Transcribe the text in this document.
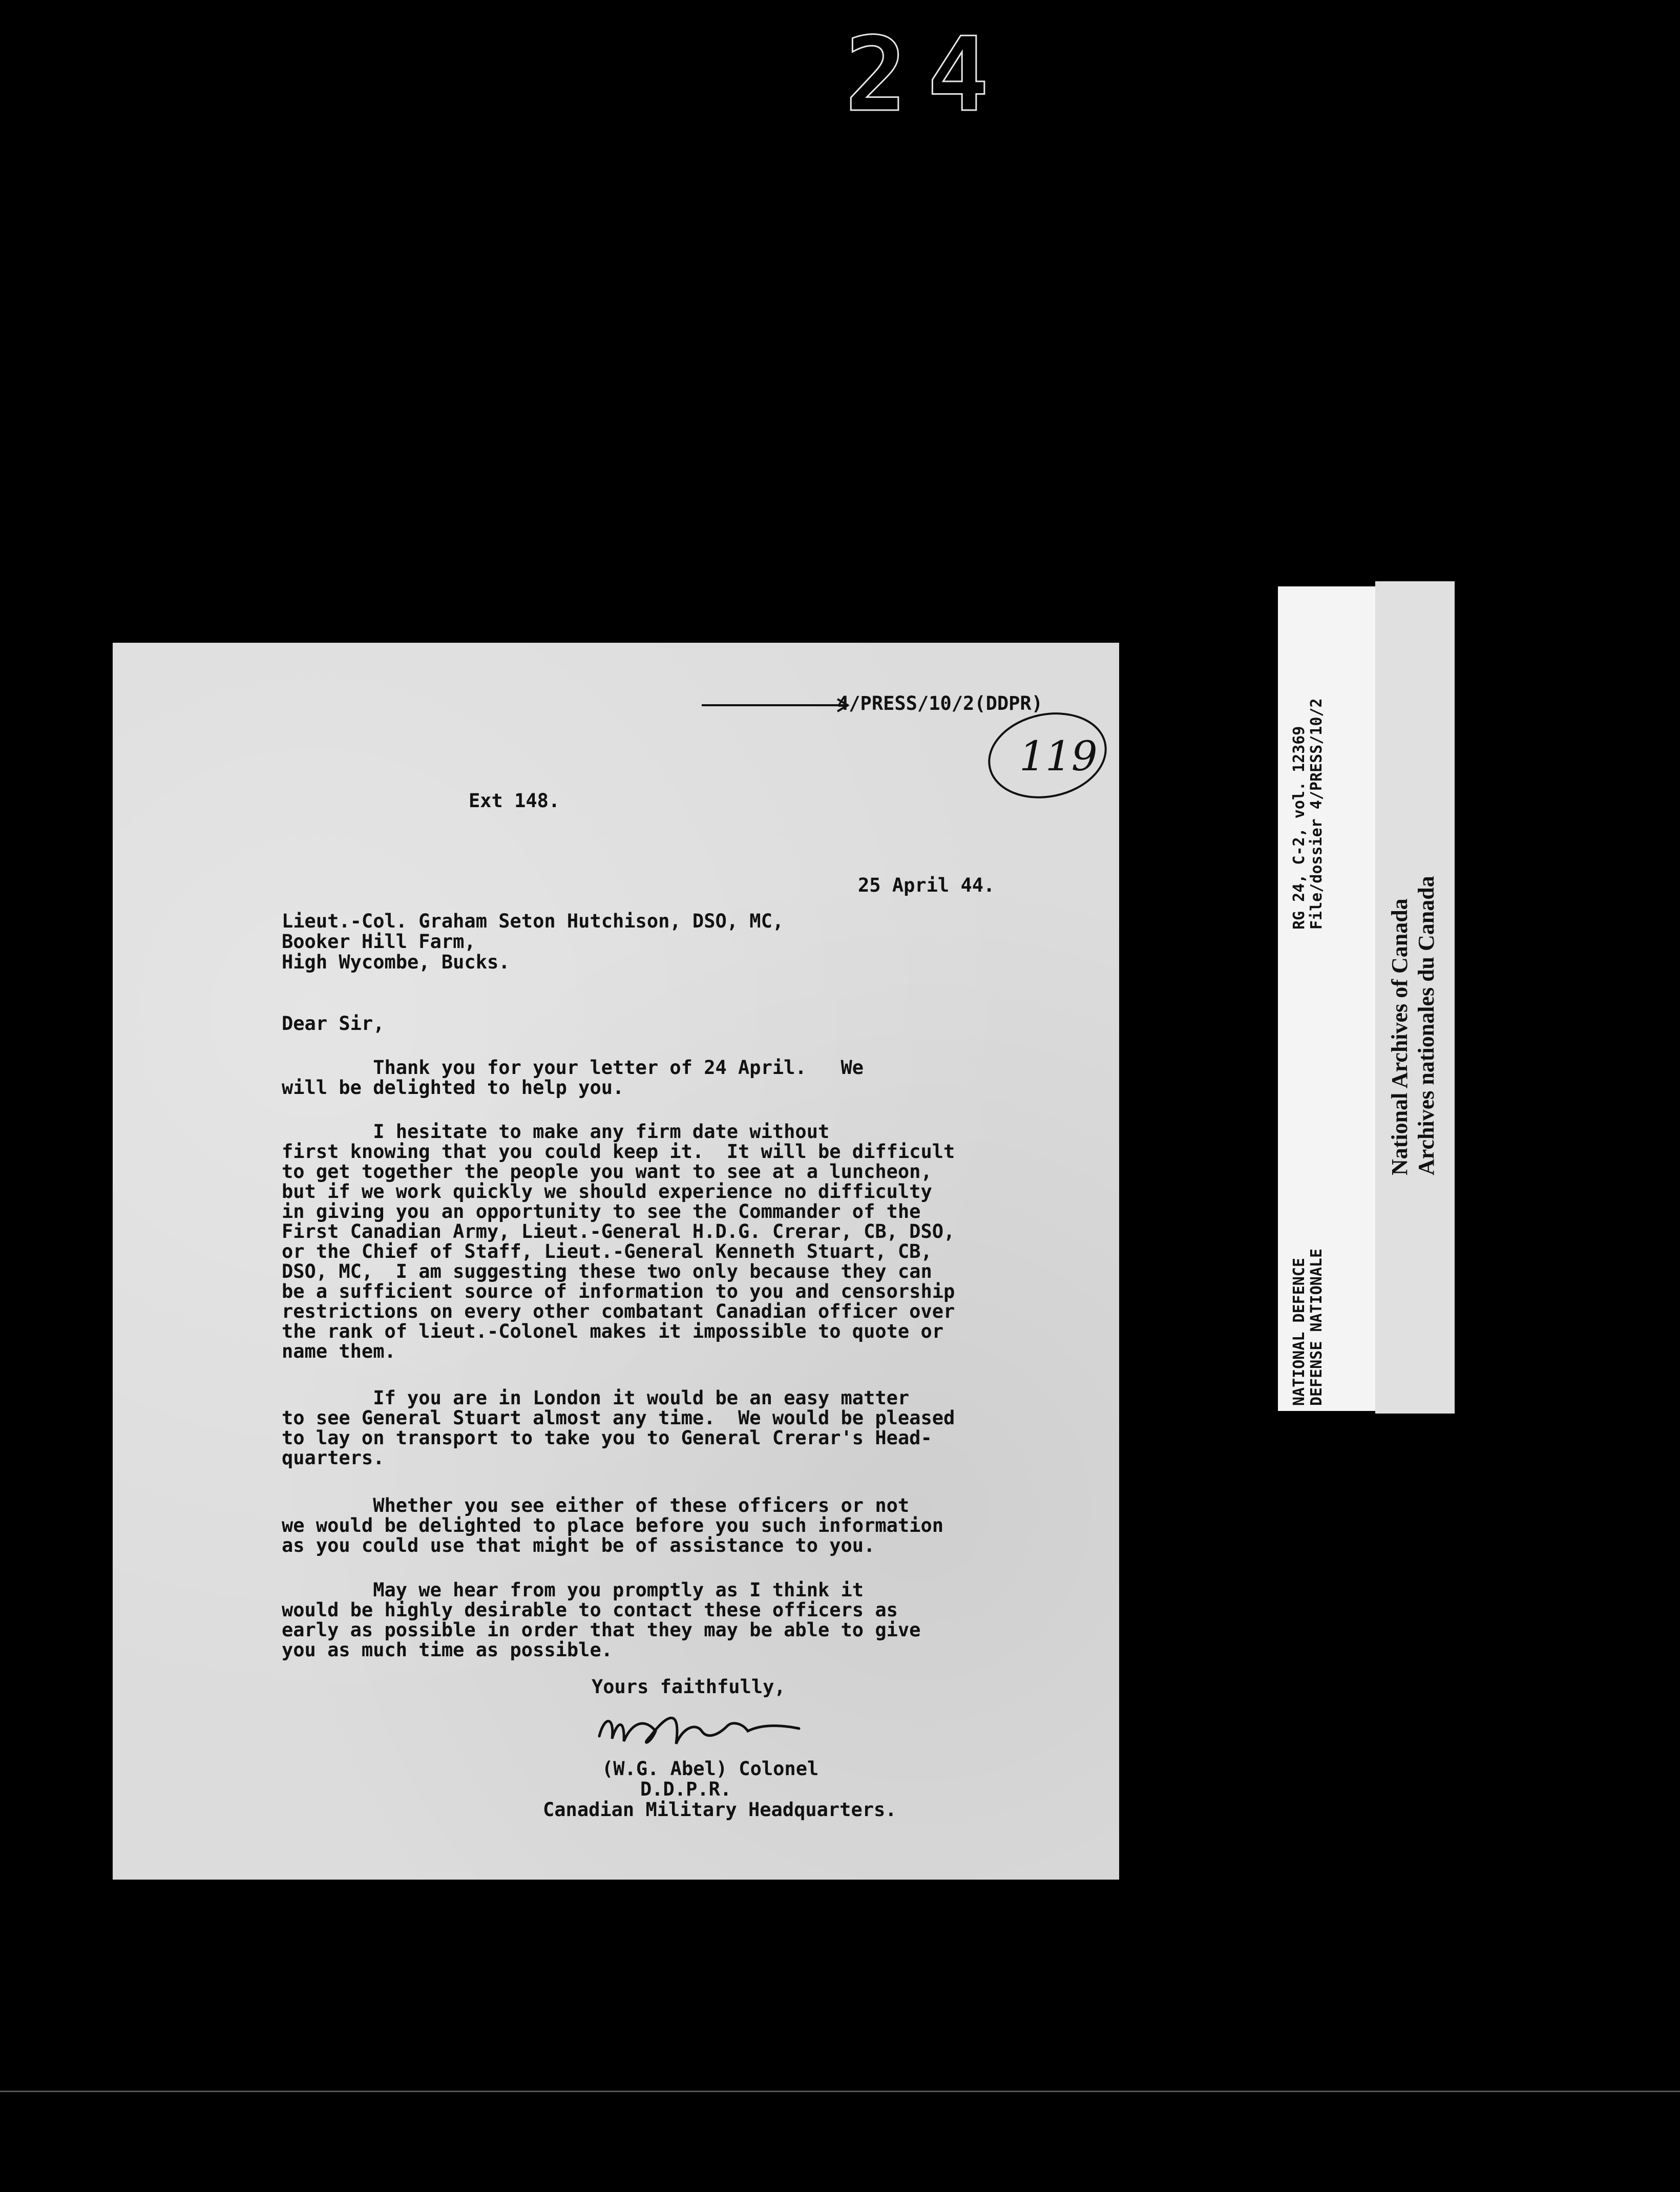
24
4/PRESS/10/2(DDPR)
119
Ext 148.
25 April 44.
Lieut.-Col. Graham Seton Hutchison, DSO, MC,
Booker Hill Farm,
High Wycombe, Bucks.
Dear Sir,
Thank you for your letter of 24 April.   We
will be delighted to help you.
I hesitate to make any firm date without
first knowing that you could keep it.  It will be difficult
to get together the people you want to see at a luncheon,
but if we work quickly we should experience no difficulty
in giving you an opportunity to see the Commander of the
First Canadian Army, Lieut.-General H.D.G. Crerar, CB, DSO,
or the Chief of Staff, Lieut.-General Kenneth Stuart, CB,
DSO, MC,  I am suggesting these two only because they can
be a sufficient source of information to you and censorship
restrictions on every other combatant Canadian officer over
the rank of lieut.-Colonel makes it impossible to quote or
name them.
If you are in London it would be an easy matter
to see General Stuart almost any time.  We would be pleased
to lay on transport to take you to General Crerar's Head-
quarters.
Whether you see either of these officers or not
we would be delighted to place before you such information
as you could use that might be of assistance to you.
May we hear from you promptly as I think it
would be highly desirable to contact these officers as
early as possible in order that they may be able to give
you as much time as possible.
Yours faithfully,
(W.G. Abel) Colonel
D.D.P.R.
Canadian Military Headquarters.
RG 24, C-2, vol. 12369
File/dossier 4/PRESS/10/2
NATIONAL DEFENCE
DEFENSE NATIONALE
National Archives of Canada
Archives nationales du Canada
